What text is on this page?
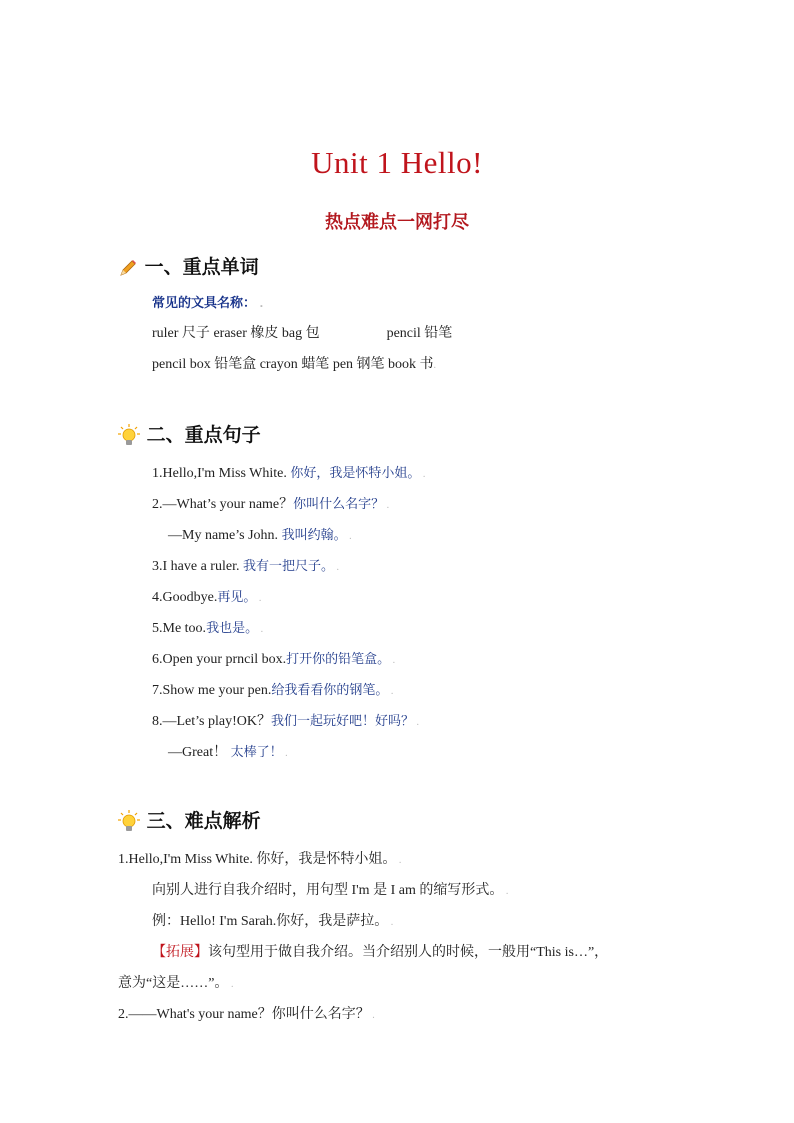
Unit 1 Hello!
热点难点一网打尽
一、重点单词
常见的文具名称： .
ruler 尺子 eraser 橡皮 bag 包	pencil 铅笔
pencil box 铅笔盒 crayon 蜡笔 pen 钢笔 book 书.
二、重点句子
1.Hello,I'm Miss White. 你好，我是怀特小姐。 .
2.—What’s your name？你叫什么名字？ .
—My name’s John. 我叫约翰。 .
3.I have a ruler. 我有一把尺子。 .
4.Goodbye.再见。 .
5.Me too.我也是。 .
6.Open your prncil box.打开你的铅笔盒。 .
7.Show me your pen.给我看看你的钢笔。 .
8.—Let’s play!OK？我们一起玩好吧！好吗？ .
—Great！ 太棒了！ .
三、难点解析
1.Hello,I'm Miss White. 你好，我是怀特小姐。 .
向别人进行自我介绍时，用句型 I'm 是 I am 的缩写形式。 .
例：Hello! I'm Sarah.你好，我是萨拉。 .
【拓展】该句型用于做自我介绍。当介绍别人的时候，一般用“This is…”，
意为“这是……”。 .
2.——What's your name？你叫什么名字？ .
